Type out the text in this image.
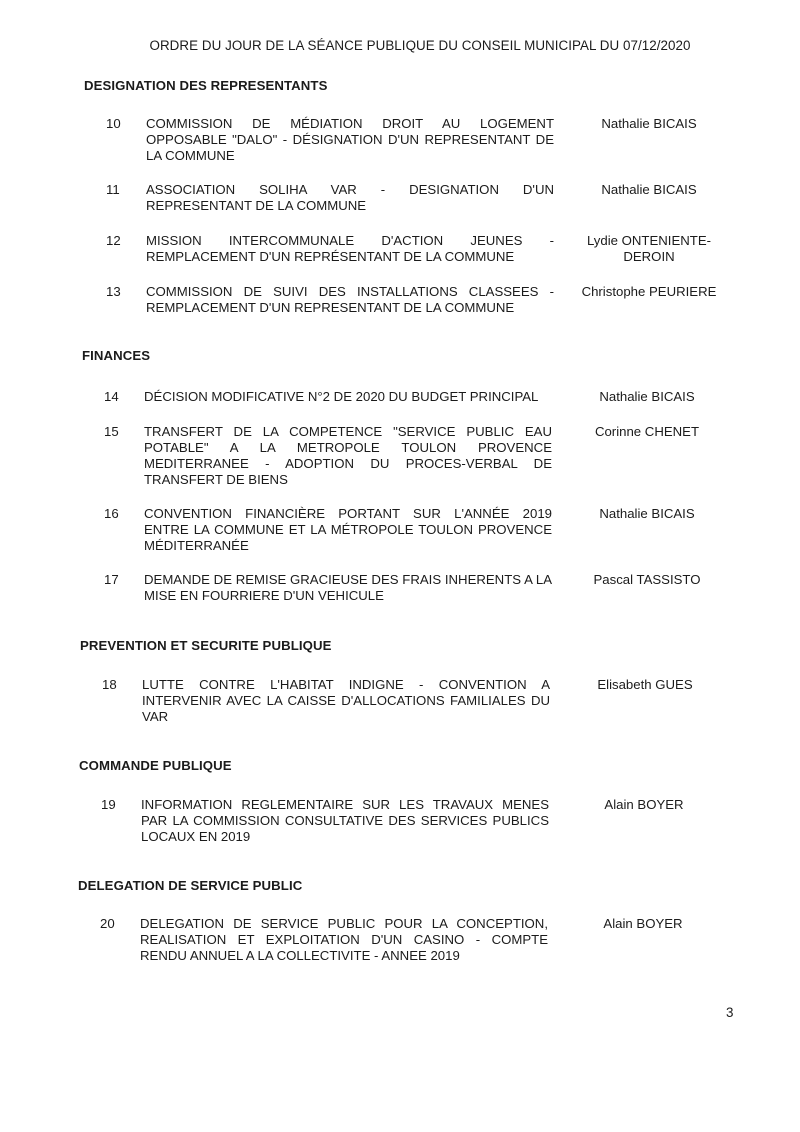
ORDRE DU JOUR DE LA SÉANCE PUBLIQUE DU CONSEIL MUNICIPAL DU 07/12/2020
DESIGNATION DES REPRESENTANTS
10	COMMISSION DE MÉDIATION DROIT AU LOGEMENT OPPOSABLE "DALO" - DÉSIGNATION D'UN REPRESENTANT DE LA COMMUNE
Nathalie BICAIS
11	ASSOCIATION SOLIHA VAR - DESIGNATION D'UN REPRESENTANT DE LA COMMUNE
Nathalie BICAIS
12	MISSION INTERCOMMUNALE D'ACTION JEUNES - REMPLACEMENT D'UN REPRÉSENTANT DE LA COMMUNE
Lydie ONTENIENTE-DEROIN
13	COMMISSION DE SUIVI DES INSTALLATIONS CLASSEES - REMPLACEMENT D'UN REPRESENTANT DE LA COMMUNE
Christophe PEURIERE
FINANCES
14	DÉCISION MODIFICATIVE N°2 DE 2020 DU BUDGET PRINCIPAL	Nathalie BICAIS
15	TRANSFERT DE LA COMPETENCE "SERVICE PUBLIC EAU POTABLE" A LA METROPOLE TOULON PROVENCE MEDITERRANEE - ADOPTION DU PROCES-VERBAL DE TRANSFERT DE BIENS
Corinne CHENET
16	CONVENTION FINANCIÈRE PORTANT SUR L'ANNÉE 2019 ENTRE LA COMMUNE ET LA MÉTROPOLE TOULON PROVENCE MÉDITERRANÉE
Nathalie BICAIS
17	DEMANDE DE REMISE GRACIEUSE DES FRAIS INHERENTS A LA MISE EN FOURRIERE D'UN VEHICULE
Pascal TASSISTO
PREVENTION ET SECURITE PUBLIQUE
18	LUTTE CONTRE L'HABITAT INDIGNE - CONVENTION A INTERVENIR AVEC LA CAISSE D'ALLOCATIONS FAMILIALES DU VAR
Elisabeth GUES
COMMANDE PUBLIQUE
19	INFORMATION REGLEMENTAIRE SUR LES TRAVAUX MENES PAR LA COMMISSION CONSULTATIVE DES SERVICES PUBLICS LOCAUX EN 2019
Alain BOYER
DELEGATION DE SERVICE PUBLIC
20	DELEGATION DE SERVICE PUBLIC POUR LA CONCEPTION, REALISATION ET EXPLOITATION D'UN CASINO - COMPTE RENDU ANNUEL A LA COLLECTIVITE - ANNEE 2019
Alain BOYER
3
